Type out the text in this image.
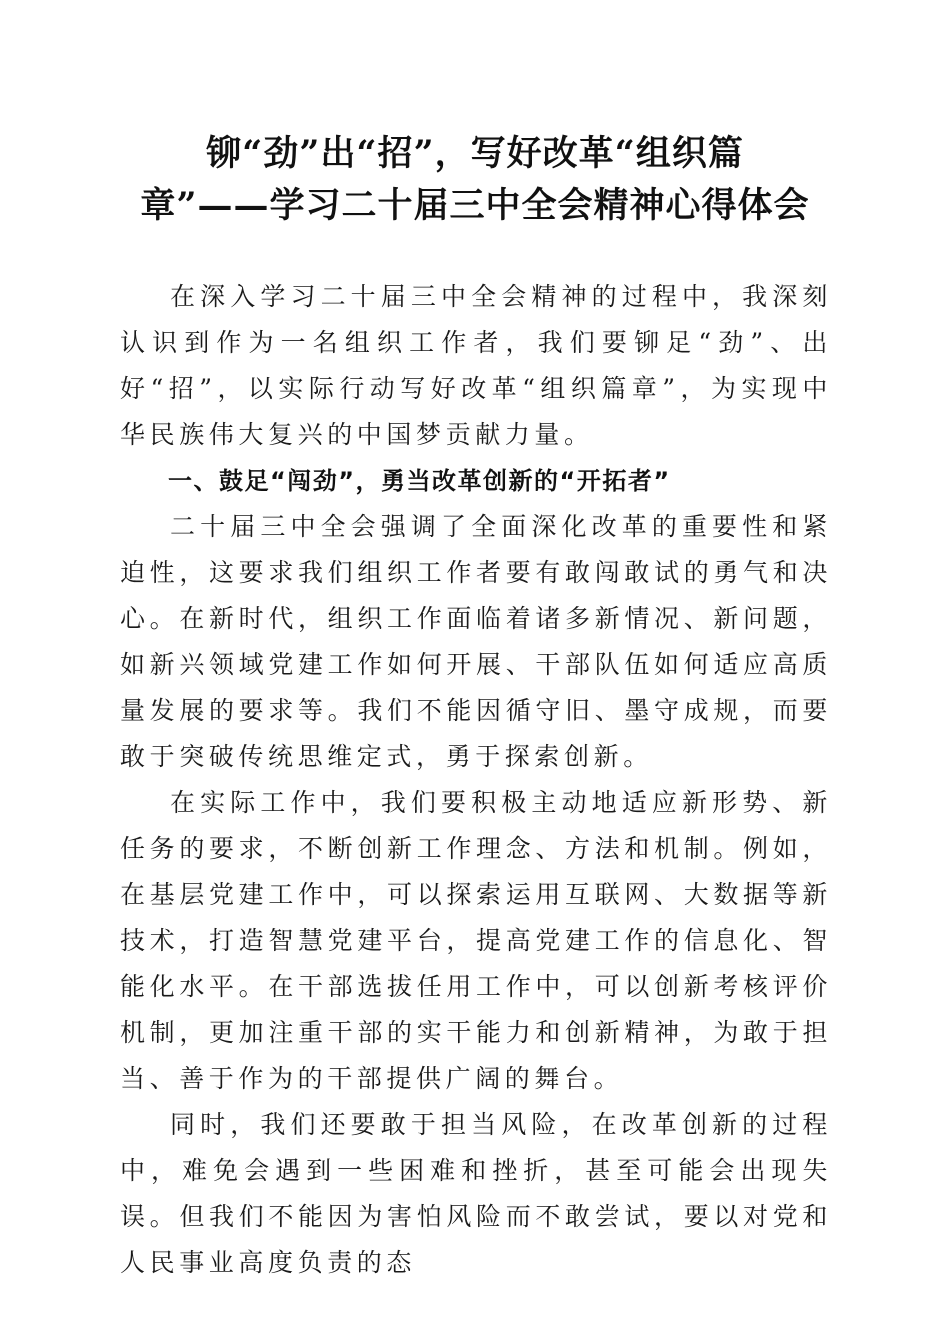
铆“劲”出“招”，写好改革“组织篇
章”——学习二十届三中全会精神心得体会

在深入学习二十届三中全会精神的过程中，我深刻认识到作为一名组织工作者，我们要铆足“劲”、出好“招”，以实际行动写好改革“组织篇章”，为实现中华民族伟大复兴的中国梦贡献力量。

一、鼓足“闯劲”，勇当改革创新的“开拓者”

二十届三中全会强调了全面深化改革的重要性和紧迫性，这要求我们组织工作者要有敢闯敢试的勇气和决心。在新时代，组织工作面临着诸多新情况、新问题，如新兴领域党建工作如何开展、干部队伍如何适应高质量发展的要求等。我们不能因循守旧、墨守成规，而要敢于突破传统思维定式，勇于探索创新。

在实际工作中，我们要积极主动地适应新形势、新任务的要求，不断创新工作理念、方法和机制。例如，在基层党建工作中，可以探索运用互联网、大数据等新技术，打造智慧党建平台，提高党建工作的信息化、智能化水平。在干部选拔任用工作中，可以创新考核评价机制，更加注重干部的实干能力和创新精神，为敢于担当、善于作为的干部提供广阔的舞台。

同时，我们还要敢于担当风险，在改革创新的过程中，难免会遇到一些困难和挫折，甚至可能会出现失误。但我们不能因为害怕风险而不敢尝试，要以对党和人民事业高度负责的态
